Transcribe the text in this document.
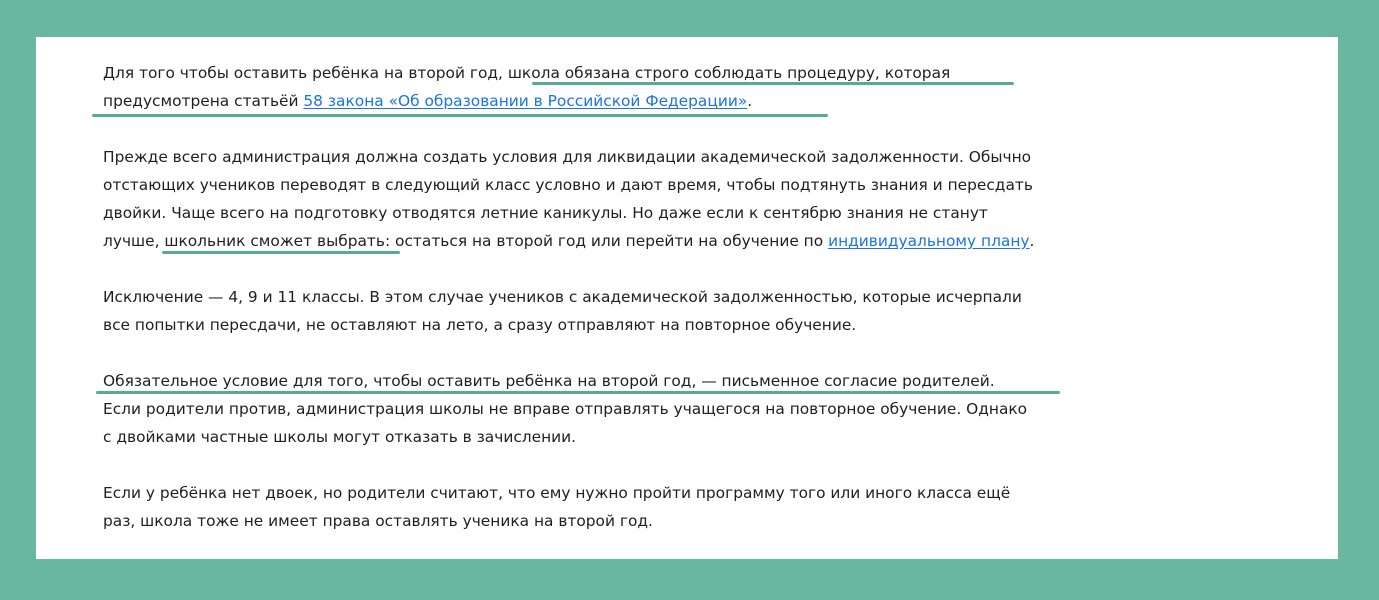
Для того чтобы оставить ребёнка на второй год, школа обязана строго соблюдать процедуру, которая
предусмотрена статьёй 58 закона «Об образовании в Российской Федерации».
Прежде всего администрация должна создать условия для ликвидации академической задолженности. Обычно
отстающих учеников переводят в следующий класс условно и дают время, чтобы подтянуть знания и пересдать
двойки. Чаще всего на подготовку отводятся летние каникулы. Но даже если к сентябрю знания не станут
лучше, школьник сможет выбрать: остаться на второй год или перейти на обучение по индивидуальному плану.
Исключение — 4, 9 и 11 классы. В этом случае учеников с академической задолженностью, которые исчерпали
все попытки пересдачи, не оставляют на лето, а сразу отправляют на повторное обучение.
Обязательное условие для того, чтобы оставить ребёнка на второй год, — письменное согласие родителей.
Если родители против, администрация школы не вправе отправлять учащегося на повторное обучение. Однако
с двойками частные школы могут отказать в зачислении.
Если у ребёнка нет двоек, но родители считают, что ему нужно пройти программу того или иного класса ещё
раз, школа тоже не имеет права оставлять ученика на второй год.
